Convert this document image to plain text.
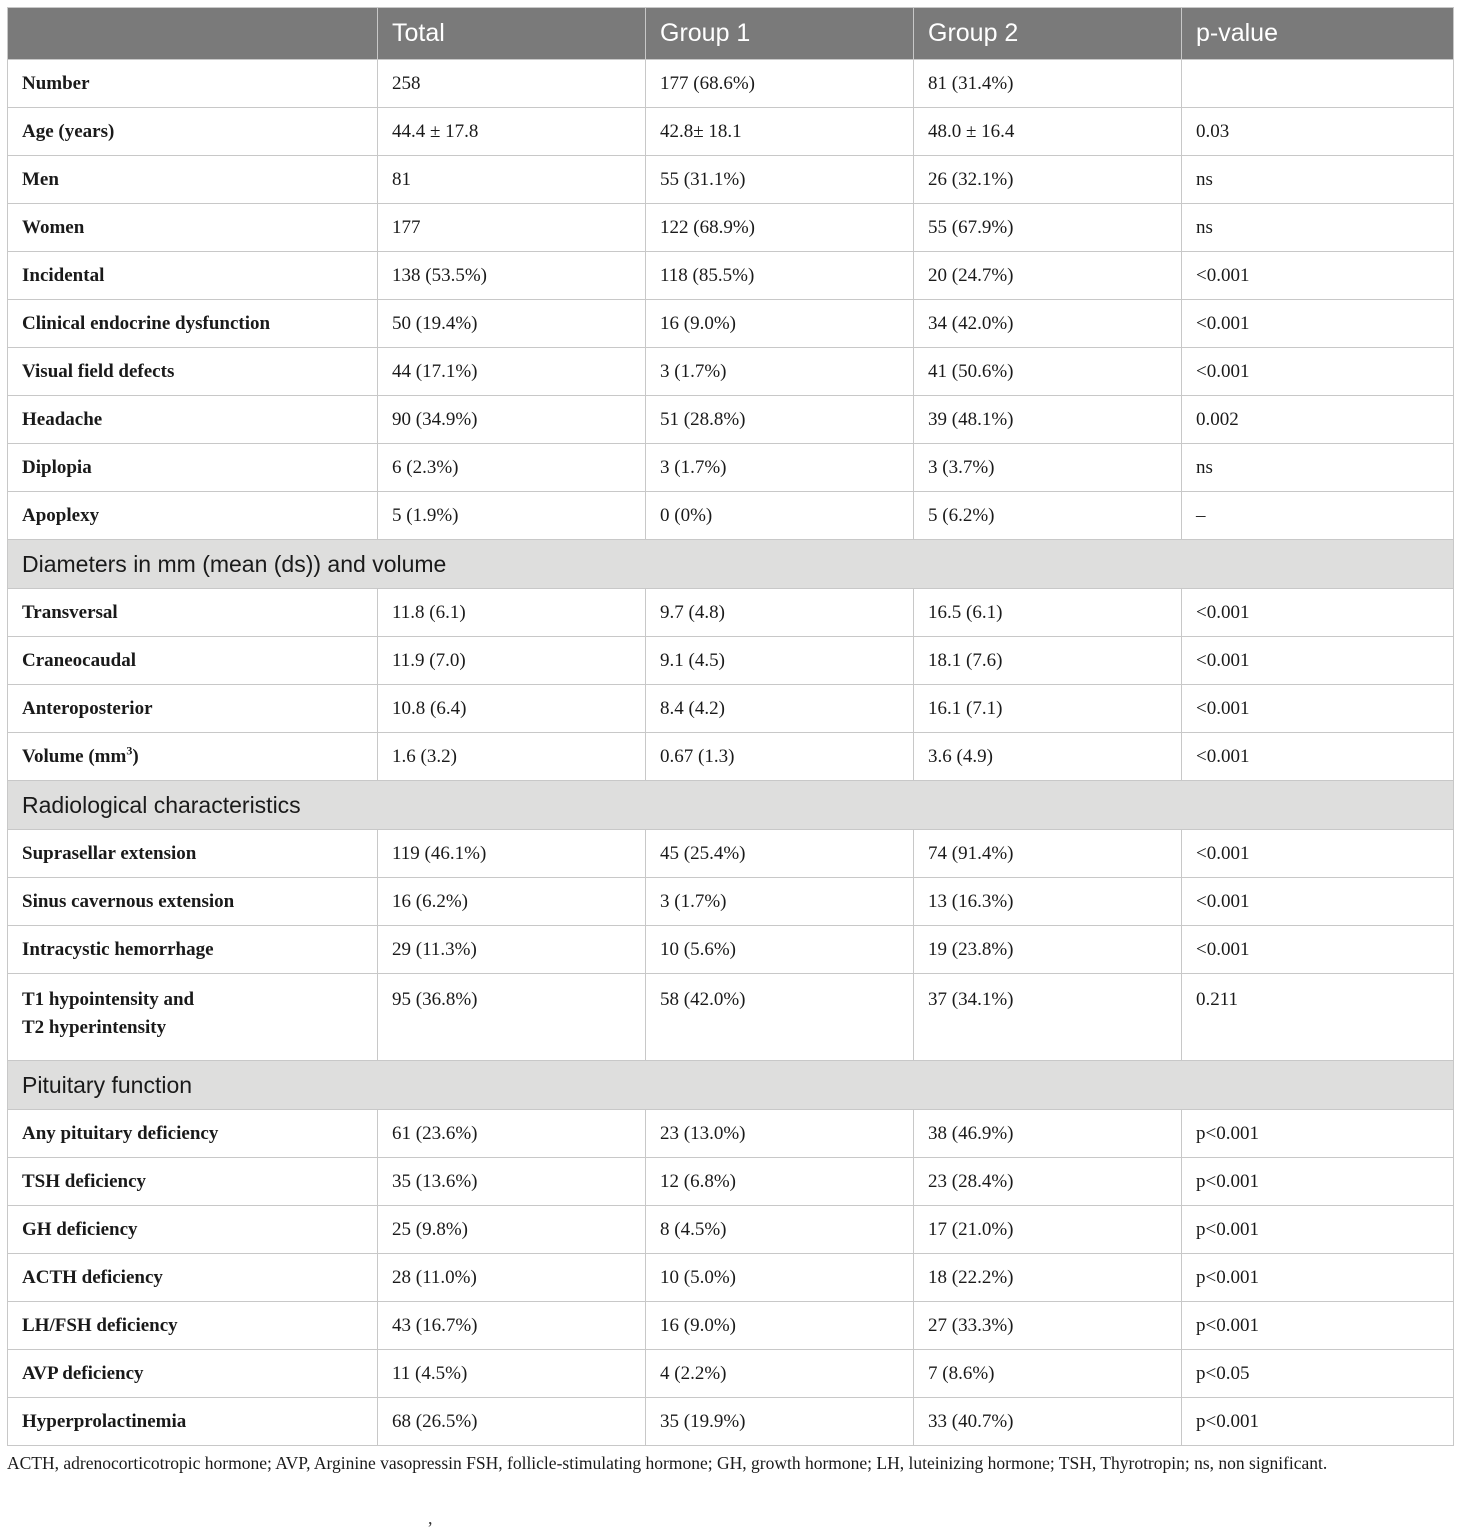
	Total	Group 1	Group 2	p-value
Number	258	177 (68.6%)	81 (31.4%)	
Age (years)	44.4 ± 17.8	42.8± 18.1	48.0 ± 16.4	0.03
Men	81	55 (31.1%)	26 (32.1%)	ns
Women	177	122 (68.9%)	55 (67.9%)	ns
Incidental	138 (53.5%)	118 (85.5%)	20 (24.7%)	<0.001
Clinical endocrine dysfunction	50 (19.4%)	16 (9.0%)	34 (42.0%)	<0.001
Visual field defects	44 (17.1%)	3 (1.7%)	41 (50.6%)	<0.001
Headache	90 (34.9%)	51 (28.8%)	39 (48.1%)	0.002
Diplopia	6 (2.3%)	3 (1.7%)	3 (3.7%)	ns
Apoplexy	5 (1.9%)	0 (0%)	5 (6.2%)	–
Diameters in mm (mean (ds)) and volume				
Transversal	11.8 (6.1)	9.7 (4.8)	16.5 (6.1)	<0.001
Craneocaudal	11.9 (7.0)	9.1 (4.5)	18.1 (7.6)	<0.001
Anteroposterior	10.8 (6.4)	8.4 (4.2)	16.1 (7.1)	<0.001
Volume $(mm^3)$	1.6 (3.2)	0.67 (1.3)	3.6 (4.9)	<0.001
Radiological characteristics				
Suprasellar extension	119 (46.1%)	45 (25.4%)	74 (91.4%)	<0.001
Sinus cavernous extension	16 (6.2%)	3 (1.7%)	13 (16.3%)	<0.001
Intracystic hemorrhage	29 (11.3%)	10 (5.6%)	19 (23.8%)	<0.001
T1 hypointensity and
T2 hyperintensity	95 (36.8%)	58 (42.0%)	37 (34.1%)	0.211
Pituitary function				
Any pituitary deficiency	61 (23.6%)	23 (13.0%)	38 (46.9%)	p<0.001
TSH deficiency	35 (13.6%)	12 (6.8%)	23 (28.4%)	p<0.001
GH deficiency	25 (9.8%)	8 (4.5%)	17 (21.0%)	p<0.001
ACTH deficiency	28 (11.0%)	10 (5.0%)	18 (22.2%)	p<0.001
LH/FSH deficiency	43 (16.7%)	16 (9.0%)	27 (33.3%)	p<0.001
AVP deficiency	11 (4.5%)	4 (2.2%)	7 (8.6%)	p<0.05
Hyperprolactinemia	68 (26.5%)	35 (19.9%)	33 (40.7%)	p<0.001
ACTH, adrenocorticotropic hormone; AVP, Arginine vasopressin FSH, follicle-stimulating hormone; GH, growth hormone; LH, luteinizing hormone; TSH, Thyrotropin; ns, non significant.
,
